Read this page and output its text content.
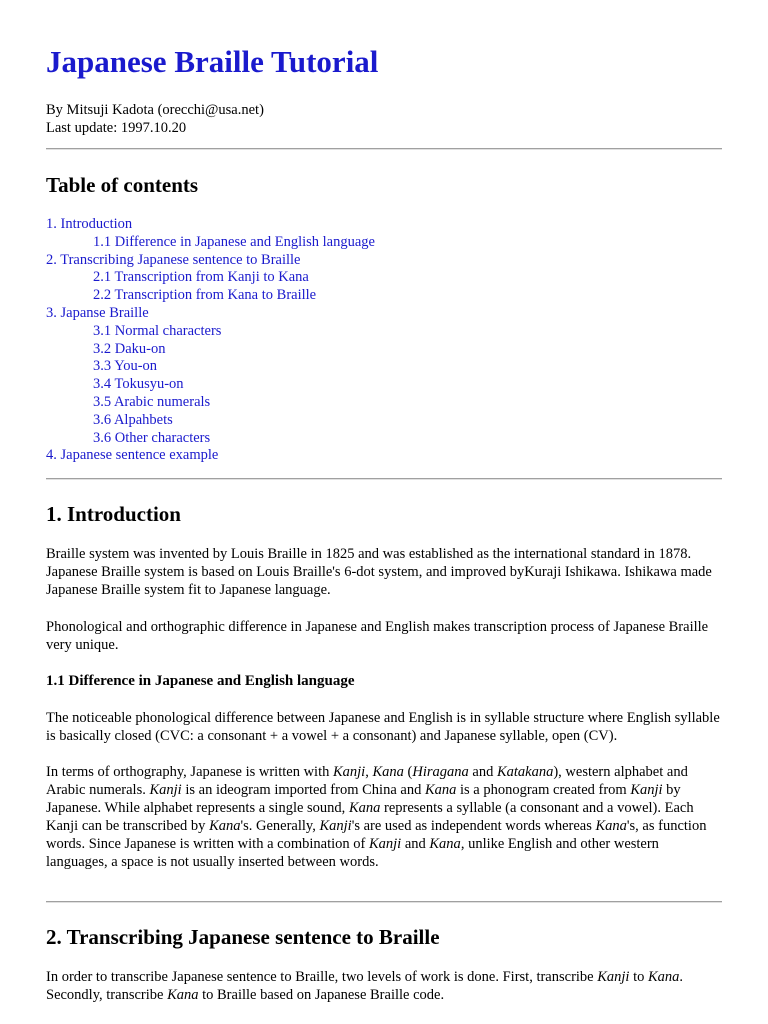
Japanese Braille Tutorial
By Mitsuji Kadota (orecchi@usa.net)
Last update: 1997.10.20
Table of contents
1. Introduction
1.1 Difference in Japanese and English language
2. Transcribing Japanese sentence to Braille
2.1 Transcription from Kanji to Kana
2.2 Transcription from Kana to Braille
3. Japanse Braille
3.1 Normal characters
3.2 Daku-on
3.3 You-on
3.4 Tokusyu-on
3.5 Arabic numerals
3.6 Alpahbets
3.6 Other characters
4. Japanese sentence example
1. Introduction

Braille system was invented by Louis Braille in 1825 and was established as the international standard in 1878. Japanese Braille system is based on Louis Braille's 6-dot system, and improved byKuraji Ishikawa. Ishikawa made Japanese Braille system fit to Japanese language.

Phonological and orthographic difference in Japanese and English makes transcription process of Japanese Braille very unique.

1.1 Difference in Japanese and English language

The noticeable phonological difference between Japanese and English is in syllable structure where English syllable is basically closed (CVC: a consonant + a vowel + a consonant) and Japanese syllable, open (CV).

In terms of orthography, Japanese is written with Kanji, Kana (Hiragana and Katakana), western alphabet and Arabic numerals. Kanji is an ideogram imported from China and Kana is a phonogram created from Kanji by Japanese. While alphabet represents a single sound, Kana represents a syllable (a consonant and a vowel). Each Kanji can be transcribed by Kana's. Generally, Kanji's are used as independent words whereas Kana's, as function words. Since Japanese is written with a combination of Kanji and Kana, unlike English and other western languages, a space is not usually inserted between words.

2. Transcribing Japanese sentence to Braille

In order to transcribe Japanese sentence to Braille, two levels of work is done. First, transcribe Kanji to Kana. Secondly, transcribe Kana to Braille based on Japanese Braille code.
